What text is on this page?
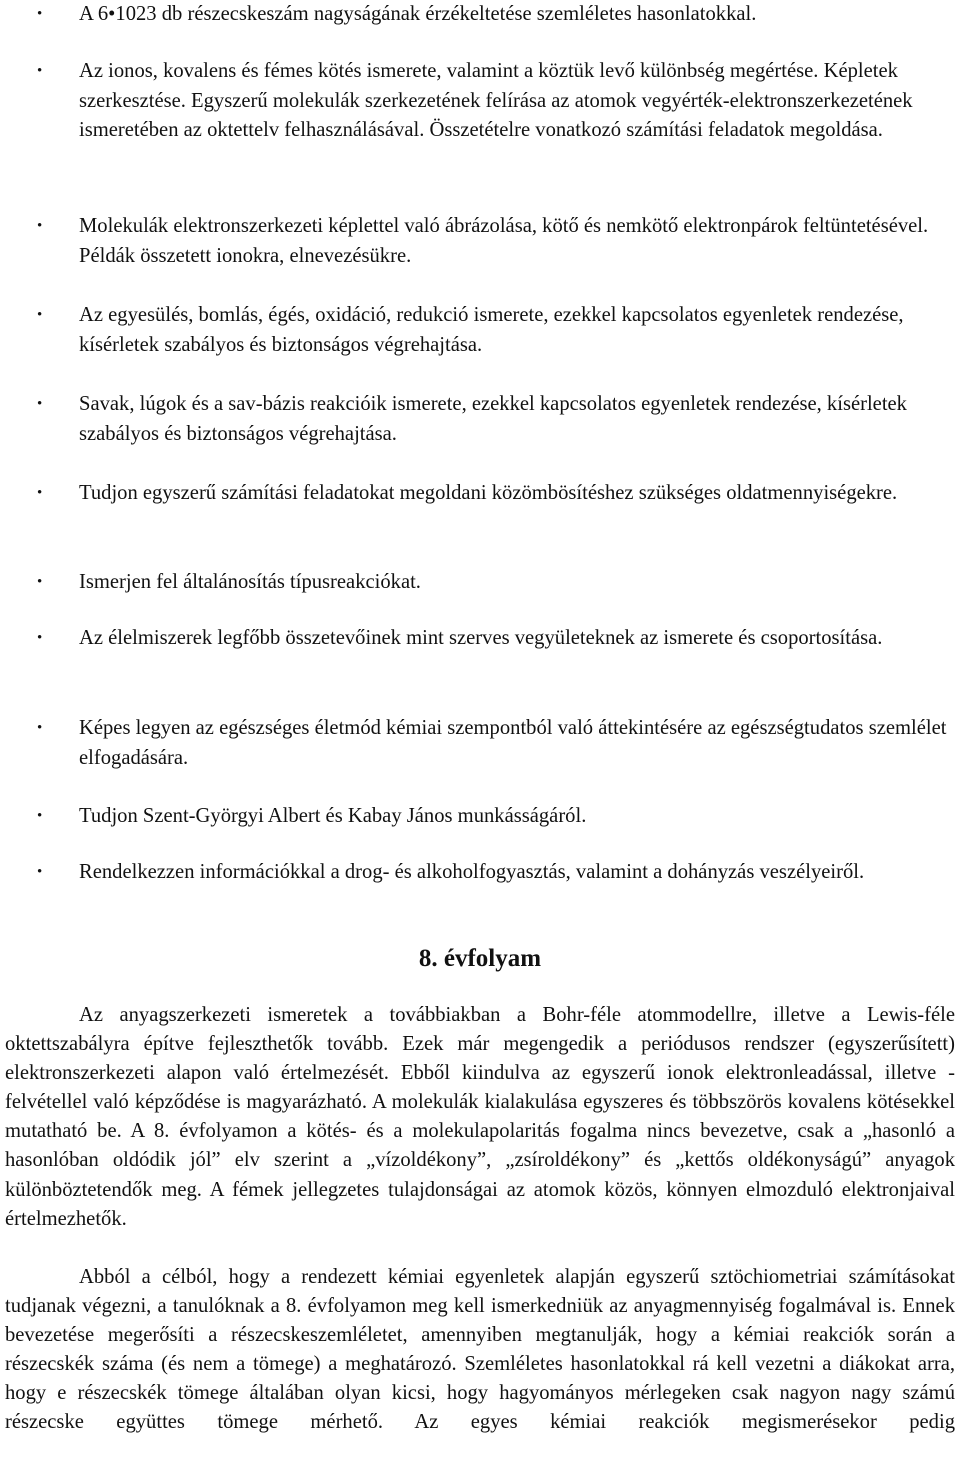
• A 6•1023 db részecskeszám nagyságának érzékeltetése szemléletes hasonlatokkal.
• Az ionos, kovalens és fémes kötés ismerete, valamint a köztük levő különbség megértése. Képletek szerkesztése. Egyszerű molekulák szerkezetének felírása az atomok vegyérték-elektronszerkezetének ismeretében az oktettelv felhasználásával. Összetételre vonatkozó számítási feladatok megoldása.
• Molekulák elektronszerkezeti képlettel való ábrázolása, kötő és nemkötő elektronpárok feltüntetésével. Példák összetett ionokra, elnevezésükre.
• Az egyesülés, bomlás, égés, oxidáció, redukció ismerete, ezekkel kapcsolatos egyenletek rendezése, kísérletek szabályos és biztonságos végrehajtása.
• Savak, lúgok és a sav-bázis reakcióik ismerete, ezekkel kapcsolatos egyenletek rendezése, kísérletek szabályos és biztonságos végrehajtása.
• Tudjon egyszerű számítási feladatokat megoldani közömbösítéshez szükséges oldatmennyiségekre.
• Ismerjen fel általánosítás típusreakciókat.
• Az élelmiszerek legfőbb összetevőinek mint szerves vegyületeknek az ismerete és csoportosítása.
• Képes legyen az egészséges életmód kémiai szempontból való áttekintésére az egészségtudatos szemlélet elfogadására.
• Tudjon Szent-Györgyi Albert és Kabay János munkásságáról.
• Rendelkezzen információkkal a drog- és alkoholfogyasztás, valamint a dohányzás veszélyeiről.
8. évfolyam

Az anyagszerkezeti ismeretek a továbbiakban a Bohr-féle atommodellre, illetve a Lewis-féle oktettszabályra építve fejleszthetők tovább. Ezek már megengedik a periódusos rendszer (egyszerűsített) elektronszerkezeti alapon való értelmezését. Ebből kiindulva az egyszerű ionok elektronleadással, illetve -felvétellel való képződése is magyarázható. A molekulák kialakulása egyszeres és többszörös kovalens kötésekkel mutatható be. A 8. évfolyamon a kötés- és a molekulapolaritás fogalma nincs bevezetve, csak a „hasonló a hasonlóban oldódik jól” elv szerint a „vízoldékony”, „zsíroldékony” és „kettős oldékonyságú” anyagok különböztetendők meg. A fémek jellegzetes tulajdonságai az atomok közös, könnyen elmozduló elektronjaival értelmezhetők.

Abból a célból, hogy a rendezett kémiai egyenletek alapján egyszerű sztöchiometriai számításokat tudjanak végezni, a tanulóknak a 8. évfolyamon meg kell ismerkedniük az anyagmennyiség fogalmával is. Ennek bevezetése megerősíti a részecskeszemléletet, amennyiben megtanulják, hogy a kémiai reakciók során a részecskék száma (és nem a tömege) a meghatározó. Szemléletes hasonlatokkal rá kell vezetni a diákokat arra, hogy e részecskék tömege általában olyan kicsi, hogy hagyományos mérlegeken csak nagyon nagy számú részecske együttes tömege mérhető. Az egyes kémiai reakciók megismerésekor pedig
